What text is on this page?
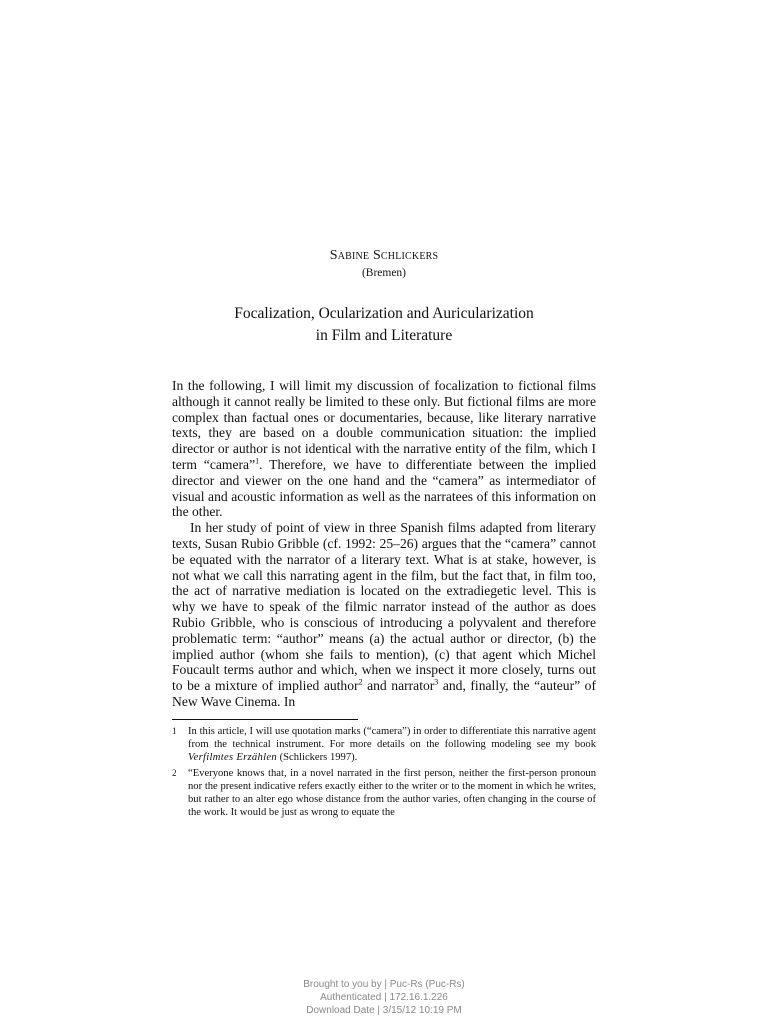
Sabine Schlickers
(Bremen)
Focalization, Ocularization and Auricularization
in Film and Literature

In the following, I will limit my discussion of focalization to fictional films although it cannot really be limited to these only. But fictional films are more complex than factual ones or documentaries, because, like literary narrative texts, they are based on a double communication situation: the implied director or author is not identical with the narrative entity of the film, which I term “camera”$^1$. Therefore, we have to differentiate between the implied director and viewer on the one hand and the “camera” as intermediator of visual and acoustic information as well as the narratees of this information on the other.

In her study of point of view in three Spanish films adapted from literary texts, Susan Rubio Gribble (cf. 1992: 25–26) argues that the “camera” cannot be equated with the narrator of a literary text. What is at stake, however, is not what we call this narrating agent in the film, but the fact that, in film too, the act of narrative mediation is located on the extradiegetic level. This is why we have to speak of the filmic narrator instead of the author as does Rubio Gribble, who is conscious of introducing a polyvalent and therefore problematic term: “author” means (a) the actual author or director, (b) the implied author (whom she fails to mention), (c) that agent which Michel Foucault terms author and which, when we inspect it more closely, turns out to be a mixture of implied author$^2$ and narrator$^3$ and, finally, the “auteur” of New Wave Cinema. In

1 In this article, I will use quotation marks (“camera”) in order to differentiate this narrative agent from the technical instrument. For more details on the following modeling see my book Verfilmtes Erzählen (Schlickers 1997).
2 “Everyone knows that, in a novel narrated in the first person, neither the first-person pronoun nor the present indicative refers exactly either to the writer or to the moment in which he writes, but rather to an alter ego whose distance from the author varies, often changing in the course of the work. It would be just as wrong to equate the
Brought to you by | Puc-Rs (Puc-Rs)
Authenticated | 172.16.1.226
Download Date | 3/15/12 10:19 PM
